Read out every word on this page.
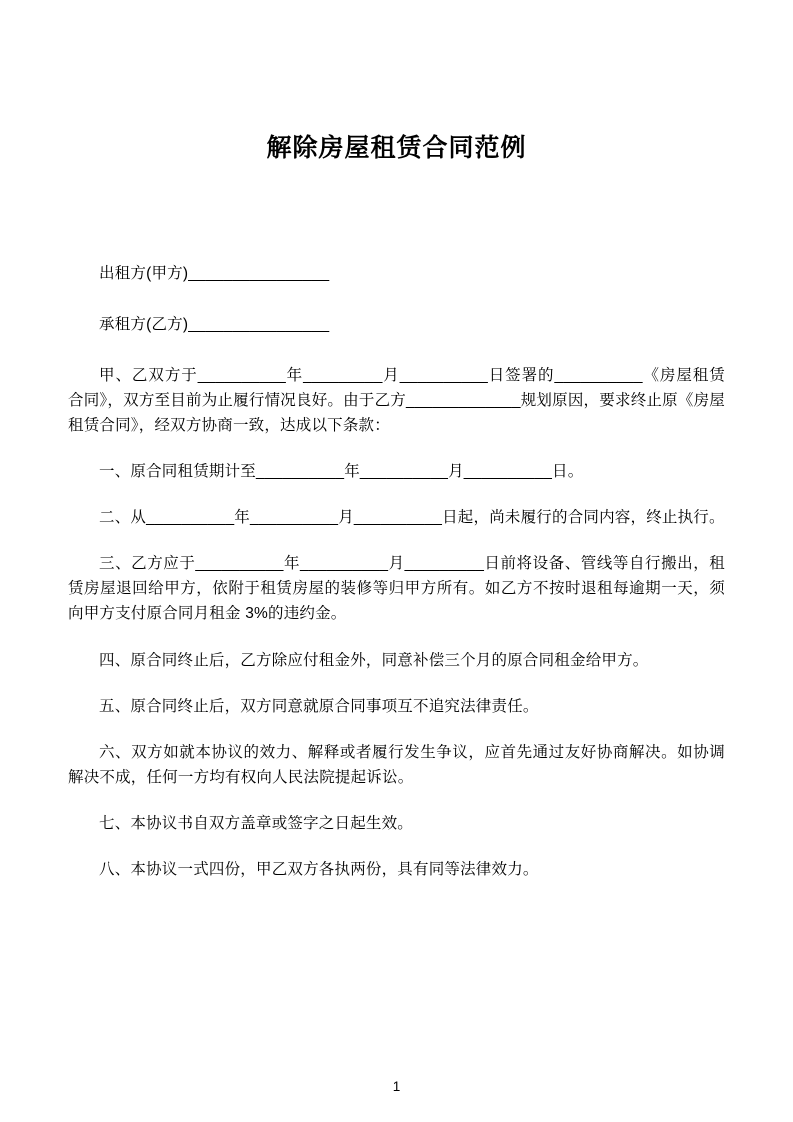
解除房屋租赁合同范例

出租方(甲方)________________

承租方(乙方)________________

甲、乙双方于__________年_________月__________日签署的__________《房屋租赁合同》，双方至目前为止履行情况良好。由于乙方_____________规划原因，要求终止原《房屋租赁合同》，经双方协商一致，达成以下条款：

一、原合同租赁期计至__________年__________月__________日。

二、从__________年__________月__________日起，尚未履行的合同内容，终止执行。

三、乙方应于__________年__________月_________日前将设备、管线等自行搬出，租赁房屋退回给甲方，依附于租赁房屋的装修等归甲方所有。如乙方不按时退租每逾期一天，须向甲方支付原合同月租金 3%的违约金。

四、原合同终止后，乙方除应付租金外，同意补偿三个月的原合同租金给甲方。

五、原合同终止后，双方同意就原合同事项互不追究法律责任。

六、双方如就本协议的效力、解释或者履行发生争议，应首先通过友好协商解决。如协调解决不成，任何一方均有权向人民法院提起诉讼。

七、本协议书自双方盖章或签字之日起生效。

八、本协议一式四份，甲乙双方各执两份，具有同等法律效力。

1
